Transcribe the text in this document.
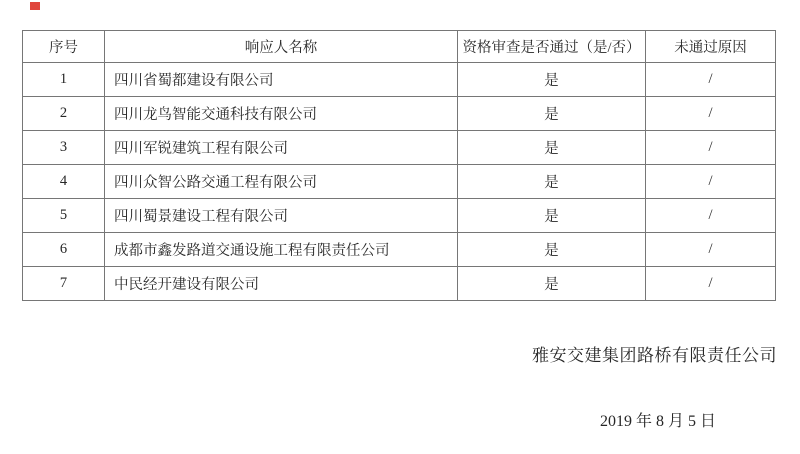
序号	响应人名称	资格审查是否通过（是/否）	未通过原因
1	四川省蜀都建设有限公司	是	/
2	四川龙鸟智能交通科技有限公司	是	/
3	四川军锐建筑工程有限公司	是	/
4	四川众智公路交通工程有限公司	是	/
5	四川蜀景建设工程有限公司	是	/
6	成都市鑫发路道交通设施工程有限责任公司	是	/
7	中民经开建设有限公司	是	/
雅安交建集团路桥有限责任公司
2019 年 8 月 5 日
